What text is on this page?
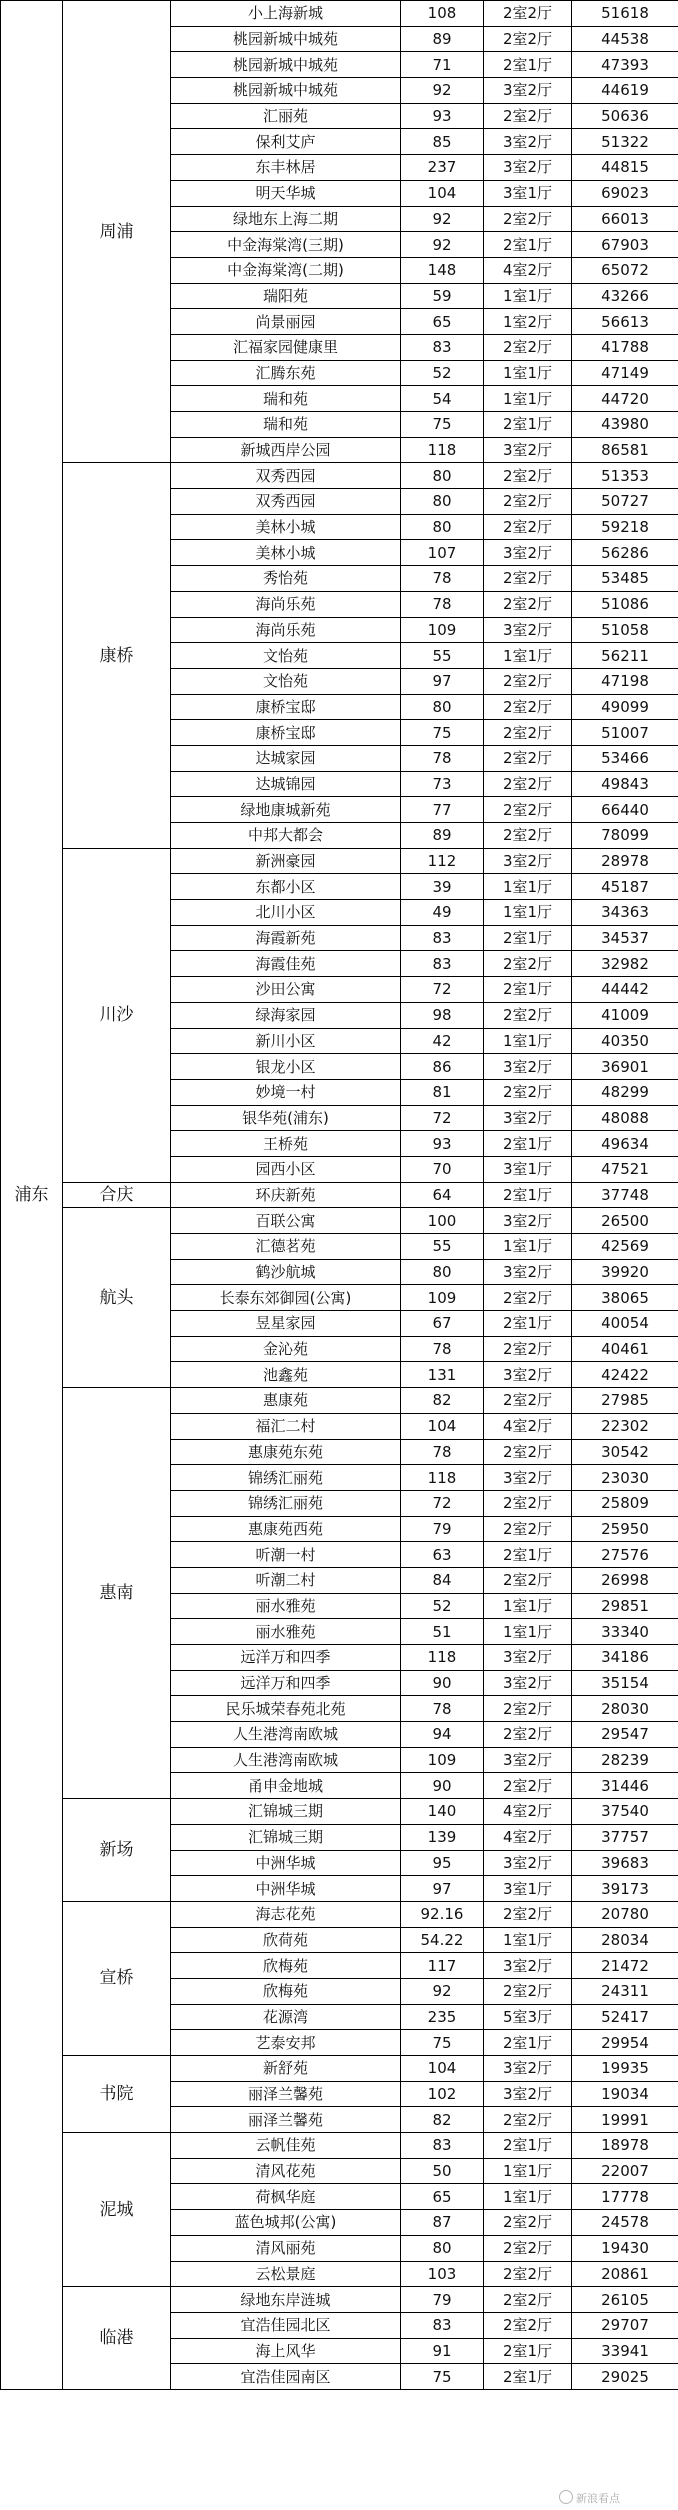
浦东	周浦	小上海新城	108	2室2厅	51618
		桃园新城中城苑	89	2室2厅	44538
		桃园新城中城苑	71	2室1厅	47393
		桃园新城中城苑	92	3室2厅	44619
		汇丽苑	93	2室2厅	50636
		保利艾庐	85	3室2厅	51322
		东丰林居	237	3室2厅	44815
		明天华城	104	3室1厅	69023
		绿地东上海二期	92	2室2厅	66013
		中金海棠湾(三期)	92	2室1厅	67903
		中金海棠湾(二期)	148	4室2厅	65072
		瑞阳苑	59	1室1厅	43266
		尚景丽园	65	1室2厅	56613
		汇福家园健康里	83	2室2厅	41788
		汇腾东苑	52	1室1厅	47149
		瑞和苑	54	1室1厅	44720
		瑞和苑	75	2室1厅	43980
		新城西岸公园	118	3室2厅	86581
	康桥	双秀西园	80	2室2厅	51353
		双秀西园	80	2室2厅	50727
		美林小城	80	2室2厅	59218
		美林小城	107	3室2厅	56286
		秀怡苑	78	2室2厅	53485
		海尚乐苑	78	2室2厅	51086
		海尚乐苑	109	3室2厅	51058
		文怡苑	55	1室1厅	56211
		文怡苑	97	2室2厅	47198
		康桥宝邸	80	2室2厅	49099
		康桥宝邸	75	2室2厅	51007
		达城家园	78	2室2厅	53466
		达城锦园	73	2室2厅	49843
		绿地康城新苑	77	2室2厅	66440
		中邦大都会	89	2室2厅	78099
	川沙	新洲豪园	112	3室2厅	28978
		东都小区	39	1室1厅	45187
		北川小区	49	1室1厅	34363
		海霞新苑	83	2室1厅	34537
		海霞佳苑	83	2室2厅	32982
		沙田公寓	72	2室1厅	44442
		绿海家园	98	2室2厅	41009
		新川小区	42	1室1厅	40350
		银龙小区	86	3室2厅	36901
		妙境一村	81	2室2厅	48299
		银华苑(浦东)	72	3室2厅	48088
		王桥苑	93	2室1厅	49634
		园西小区	70	3室1厅	47521
	合庆	环庆新苑	64	2室1厅	37748
	航头	百联公寓	100	3室2厅	26500
		汇德茗苑	55	1室1厅	42569
		鹤沙航城	80	3室2厅	39920
		长泰东郊御园(公寓)	109	2室2厅	38065
		昱星家园	67	2室1厅	40054
		金沁苑	78	2室2厅	40461
		池鑫苑	131	3室2厅	42422
	惠南	惠康苑	82	2室2厅	27985
		福汇二村	104	4室2厅	22302
		惠康苑东苑	78	2室2厅	30542
		锦绣汇丽苑	118	3室2厅	23030
		锦绣汇丽苑	72	2室2厅	25809
		惠康苑西苑	79	2室2厅	25950
		听潮一村	63	2室1厅	27576
		听潮二村	84	2室2厅	26998
		丽水雅苑	52	1室1厅	29851
		丽水雅苑	51	1室1厅	33340
		远洋万和四季	118	3室2厅	34186
		远洋万和四季	90	3室2厅	35154
		民乐城荣春苑北苑	78	2室2厅	28030
		人生港湾南欧城	94	2室2厅	29547
		人生港湾南欧城	109	3室2厅	28239
		甬申金地城	90	2室2厅	31446
	新场	汇锦城三期	140	4室2厅	37540
		汇锦城三期	139	4室2厅	37757
		中洲华城	95	3室2厅	39683
		中洲华城	97	3室1厅	39173
	宣桥	海志花苑	92.16	2室2厅	20780
		欣荷苑	54.22	1室1厅	28034
		欣梅苑	117	3室2厅	21472
		欣梅苑	92	2室2厅	24311
		花源湾	235	5室3厅	52417
		艺泰安邦	75	2室1厅	29954
	书院	新舒苑	104	3室2厅	19935
		丽泽兰馨苑	102	3室2厅	19034
		丽泽兰馨苑	82	2室2厅	19991
	泥城	云帆佳苑	83	2室1厅	18978
		清风花苑	50	1室1厅	22007
		荷枫华庭	65	1室1厅	17778
		蓝色城邦(公寓)	87	2室2厅	24578
		清风丽苑	80	2室2厅	19430
		云松景庭	103	2室2厅	20861
	临港	绿地东岸涟城	79	2室2厅	26105
		宜浩佳园北区	83	2室2厅	29707
		海上风华	91	2室1厅	33941
		宜浩佳园南区	75	2室1厅	29025
新浪看点
